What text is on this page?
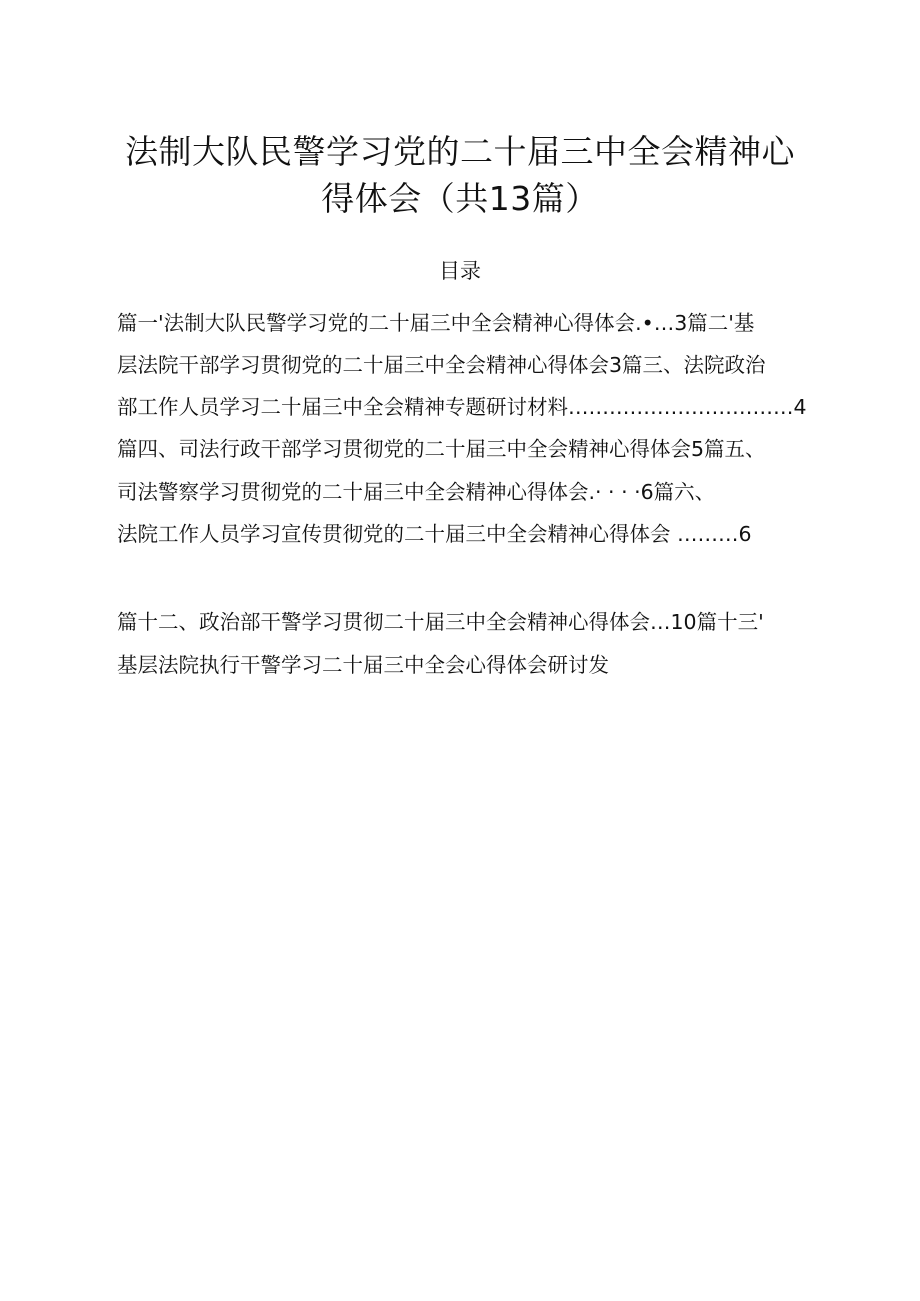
法制大队民警学习党的二十届三中全会精神心
得体会（共13篇）
目录

篇一'法制大队民警学习党的二十届三中全会精神心得体会.•…3篇二'基

层法院干部学习贯彻党的二十届三中全会精神心得体会3篇三、法院政治

部工作人员学习二十届三中全会精神专题研讨材料……………………………4

篇四、司法行政干部学习贯彻党的二十届三中全会精神心得体会5篇五、

司法警察学习贯彻党的二十届三中全会精神心得体会.· · · ·6篇六、

法院工作人员学习宣传贯彻党的二十届三中全会精神心得体会 ………6

篇十二、政治部干警学习贯彻二十届三中全会精神心得体会…10篇十三'

基层法院执行干警学习二十届三中全会心得体会研讨发
